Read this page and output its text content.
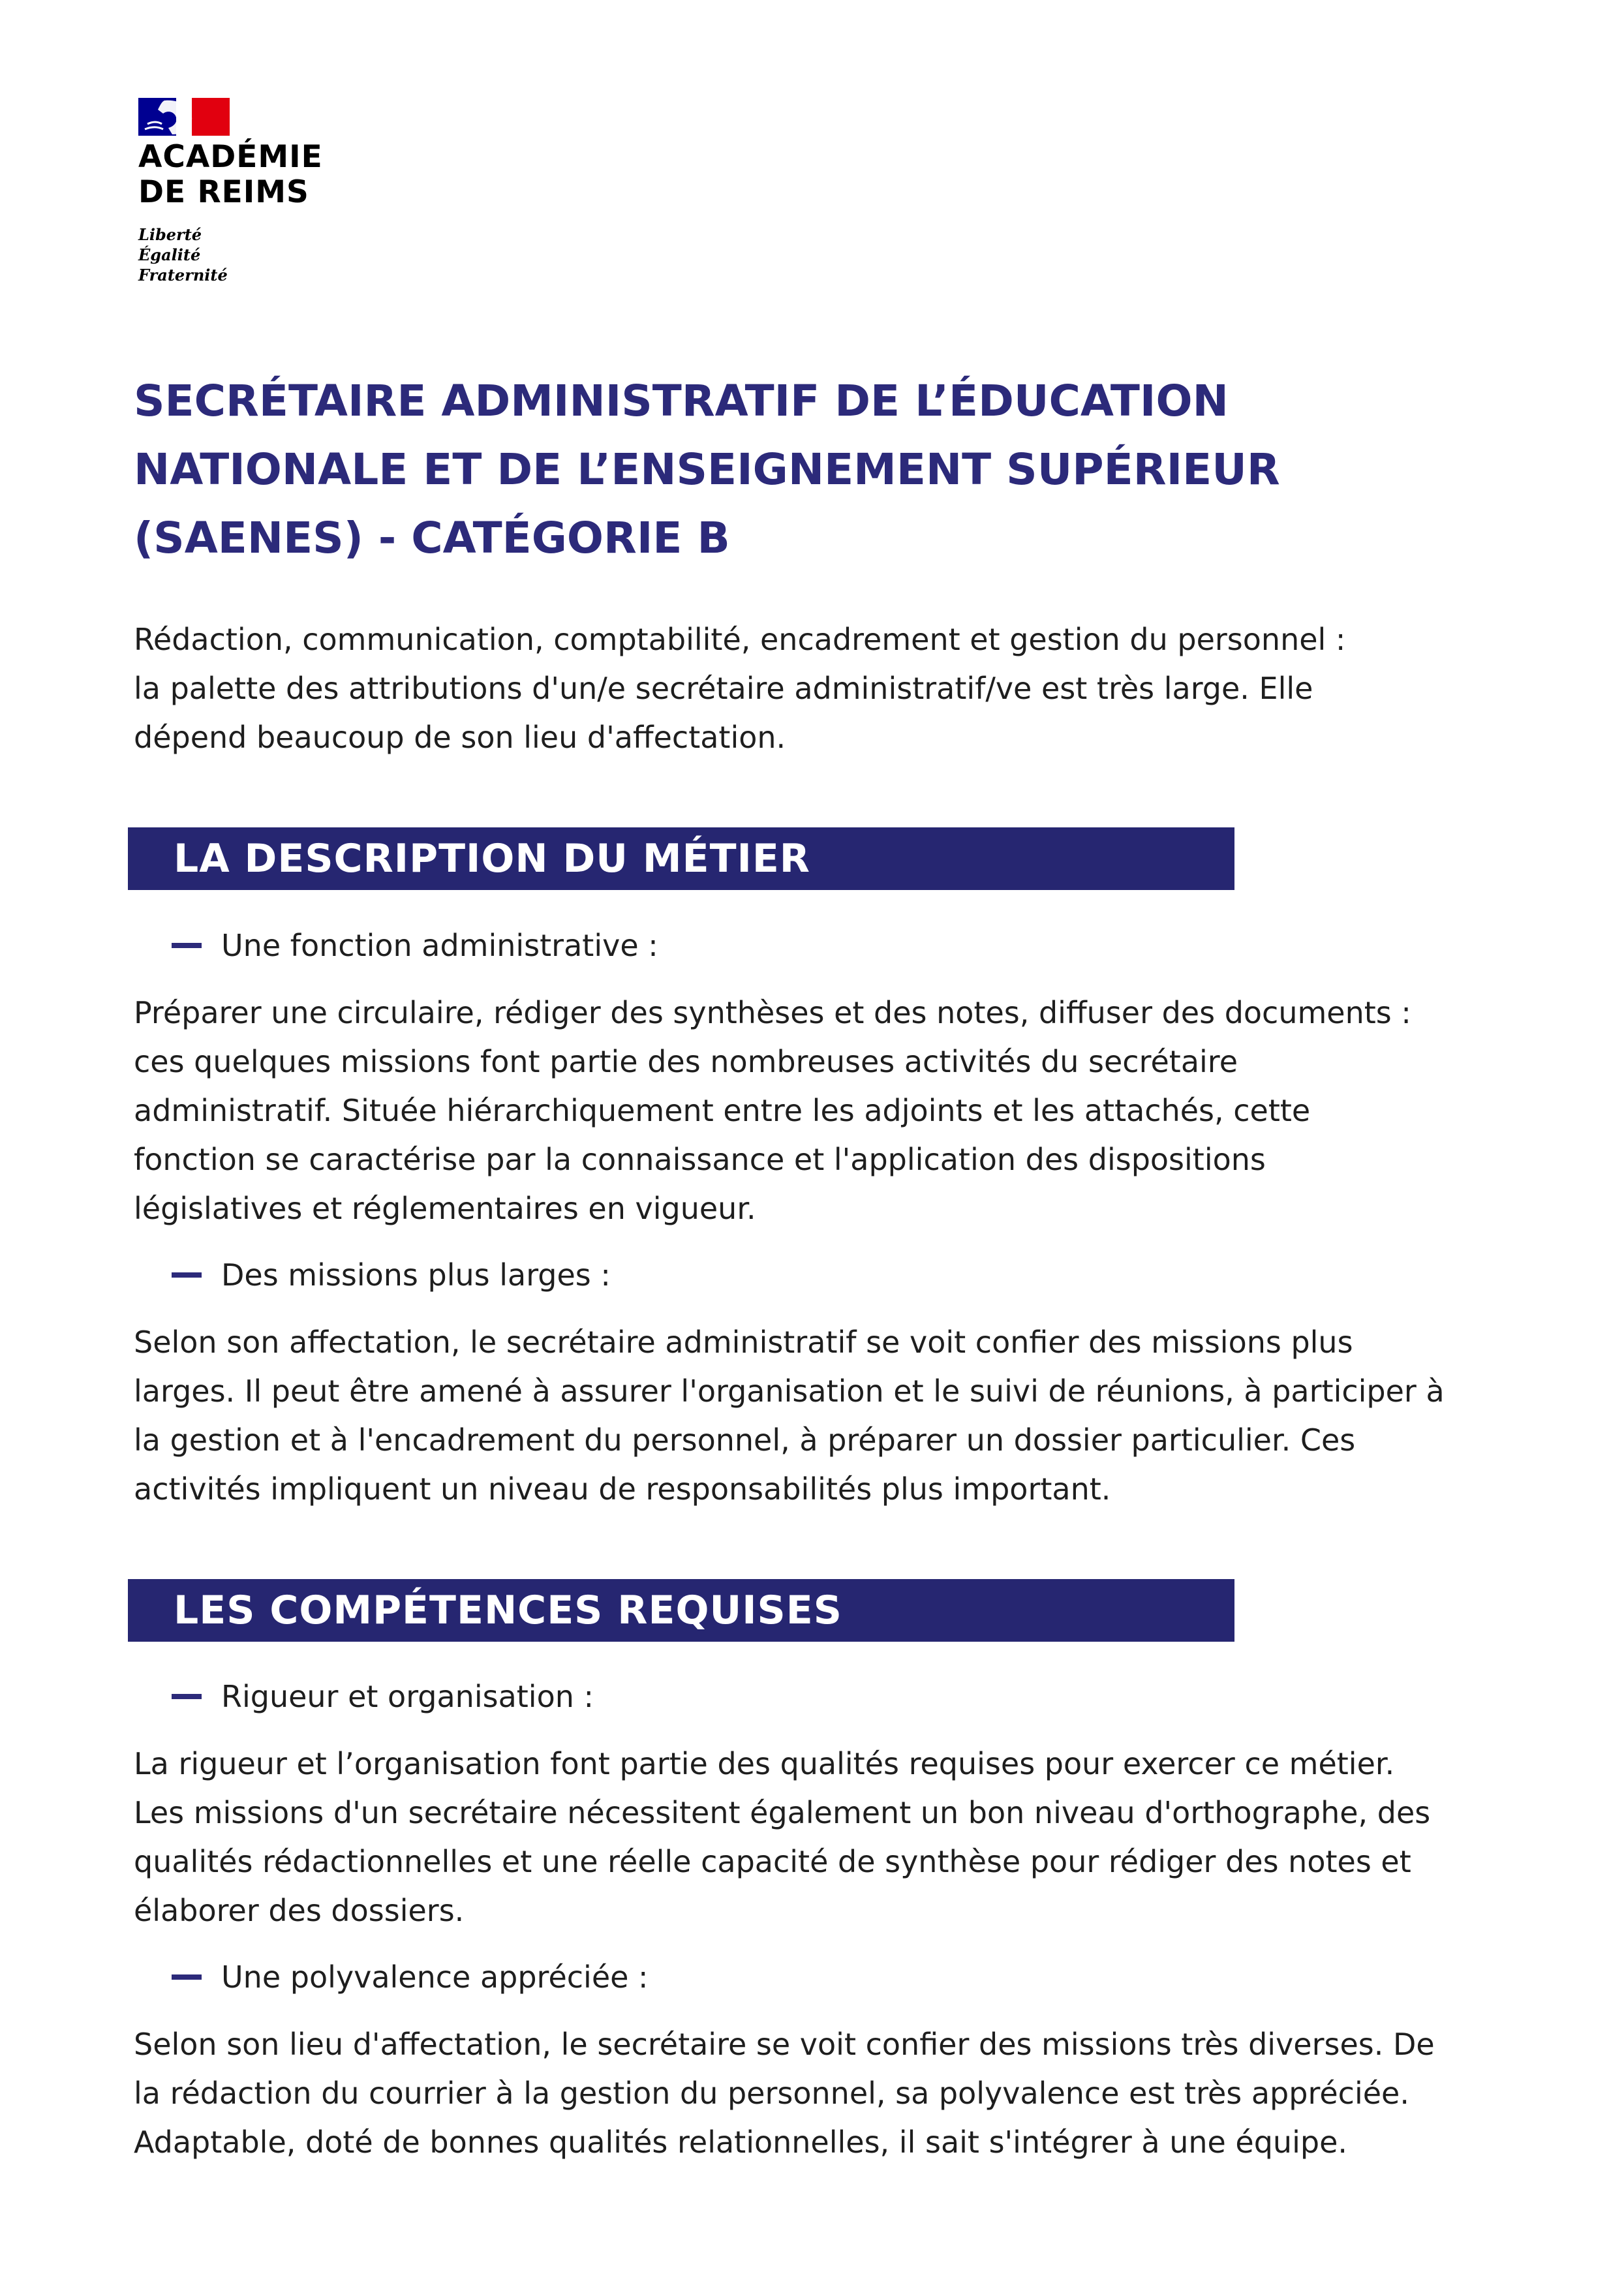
ACADÉMIE
DE REIMS
Liberté
Égalité
Fraternité
SECRÉTAIRE ADMINISTRATIF DE L’ÉDUCATION
NATIONALE ET DE L’ENSEIGNEMENT SUPÉRIEUR
(SAENES) - CATÉGORIE B
Rédaction, communication, comptabilité, encadrement et gestion du personnel :
la palette des attributions d'un/e secrétaire administratif/ve est très large. Elle
dépend beaucoup de son lieu d'affectation.
LA DESCRIPTION DU MÉTIER
Une fonction administrative :
Préparer une circulaire, rédiger des synthèses et des notes, diffuser des documents :
ces quelques missions font partie des nombreuses activités du secrétaire
administratif. Située hiérarchiquement entre les adjoints et les attachés, cette
fonction se caractérise par la connaissance et l'application des dispositions
législatives et réglementaires en vigueur.
Des missions plus larges :
Selon son affectation, le secrétaire administratif se voit confier des missions plus
larges. Il peut être amené à assurer l'organisation et le suivi de réunions, à participer à
la gestion et à l'encadrement du personnel, à préparer un dossier particulier. Ces
activités impliquent un niveau de responsabilités plus important.
LES COMPÉTENCES REQUISES
Rigueur et organisation :
La rigueur et l’organisation font partie des qualités requises pour exercer ce métier.
Les missions d'un secrétaire nécessitent également un bon niveau d'orthographe, des
qualités rédactionnelles et une réelle capacité de synthèse pour rédiger des notes et
élaborer des dossiers.
Une polyvalence appréciée :
Selon son lieu d'affectation, le secrétaire se voit confier des missions très diverses. De
la rédaction du courrier à la gestion du personnel, sa polyvalence est très appréciée.
Adaptable, doté de bonnes qualités relationnelles, il sait s'intégrer à une équipe.
